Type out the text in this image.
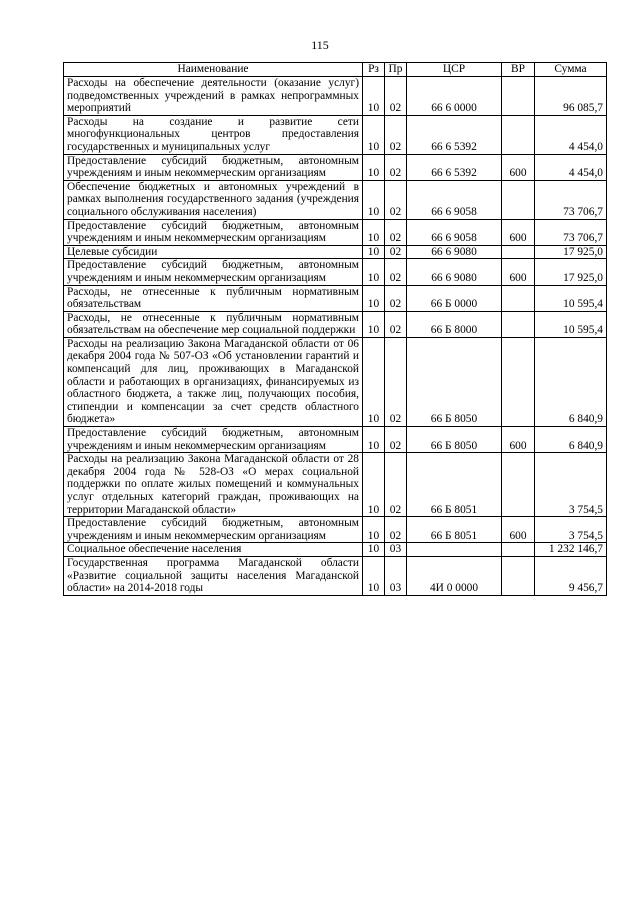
115
Наименование	Рз	Пр	ЦСР	ВР	Сумма
Расходы на обеспечение деятельности (оказание услуг) подведомственных учреждений в рамках непрограммных мероприятий	10	02	66 6 0000		96 085,7
Расходы на создание и развитие сети многофункциональных центров предоставления государственных и муниципальных услуг	10	02	66 6 5392		4 454,0
Предоставление субсидий бюджетным, автономным учреждениям и иным некоммерческим организациям	10	02	66 6 5392	600	4 454,0
Обеспечение бюджетных и автономных учреждений в рамках выполнения государственного задания (учреждения социального обслуживания населения)	10	02	66 6 9058		73 706,7
Предоставление субсидий бюджетным, автономным учреждениям и иным некоммерческим организациям	10	02	66 6 9058	600	73 706,7
Целевые субсидии	10	02	66 6 9080		17 925,0
Предоставление субсидий бюджетным, автономным учреждениям и иным некоммерческим организациям	10	02	66 6 9080	600	17 925,0
Расходы, не отнесенные к публичным нормативным обязательствам	10	02	66 Б 0000		10 595,4
Расходы, не отнесенные к публичным нормативным обязательствам на обеспечение мер социальной поддержки	10	02	66 Б 8000		10 595,4
Расходы на реализацию Закона Магаданской области от 06 декабря 2004 года № 507-ОЗ «Об установлении гарантий и компенсаций для лиц, проживающих в Магаданской области и работающих в организациях, финансируемых из областного бюджета, а также лиц, получающих пособия, стипендии и компенсации за счет средств областного бюджета»	10	02	66 Б 8050		6 840,9
Предоставление субсидий бюджетным, автономным учреждениям и иным некоммерческим организациям	10	02	66 Б 8050	600	6 840,9
Расходы на реализацию Закона Магаданской области от 28 декабря 2004 года № 528-ОЗ «О мерах социальной поддержки по оплате жилых помещений и коммунальных услуг отдельных категорий граждан, проживающих на территории Магаданской области»	10	02	66 Б 8051		3 754,5
Предоставление субсидий бюджетным, автономным учреждениям и иным некоммерческим организациям	10	02	66 Б 8051	600	3 754,5
Социальное обеспечение населения	10	03			1 232 146,7
Государственная программа Магаданской области «Развитие социальной защиты населения Магаданской области» на 2014-2018 годы	10	03	4И 0 0000		9 456,7
